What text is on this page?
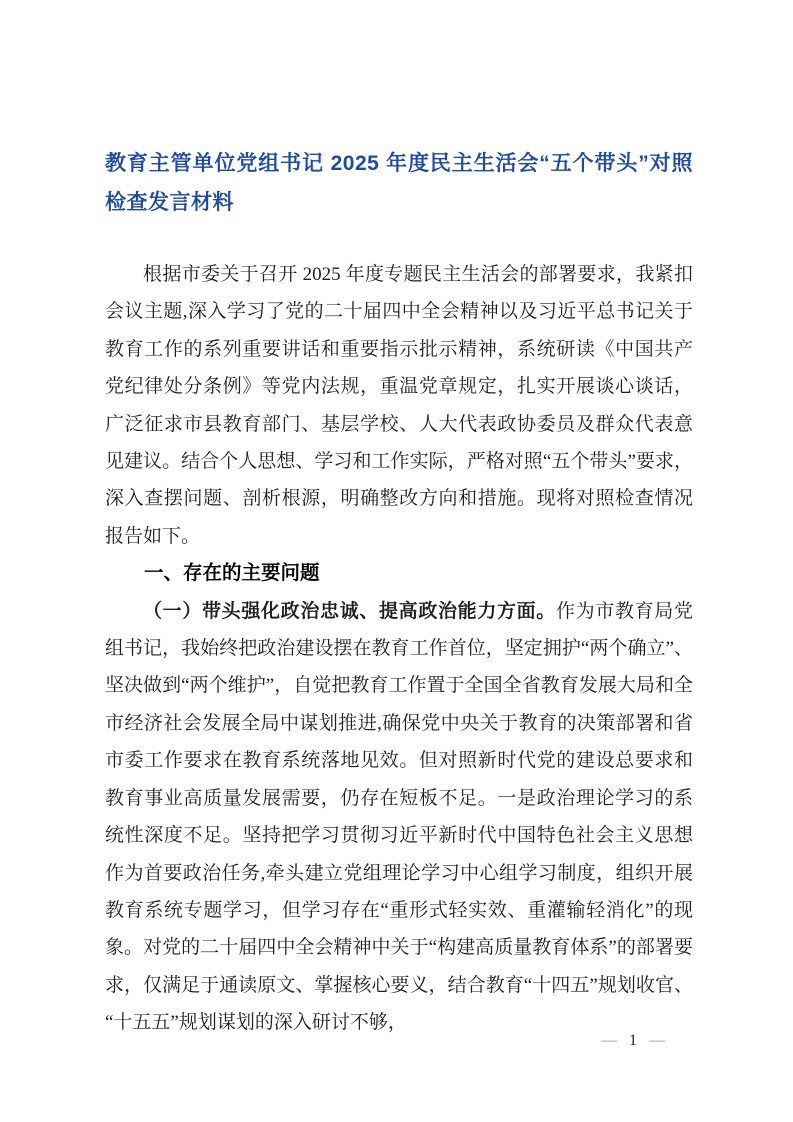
教育主管单位党组书记 2025 年度民主生活会“五个带头”对照检查发言材料

根据市委关于召开 2025 年度专题民主生活会的部署要求，我紧扣会议主题,深入学习了党的二十届四中全会精神以及习近平总书记关于教育工作的系列重要讲话和重要指示批示精神，系统研读《中国共产党纪律处分条例》等党内法规，重温党章规定，扎实开展谈心谈话，广泛征求市县教育部门、基层学校、人大代表政协委员及群众代表意见建议。结合个人思想、学习和工作实际，严格对照“五个带头”要求，深入查摆问题、剖析根源，明确整改方向和措施。现将对照检查情况报告如下。

一、存在的主要问题

（一）带头强化政治忠诚、提高政治能力方面。作为市教育局党组书记，我始终把政治建设摆在教育工作首位，坚定拥护“两个确立”、坚决做到“两个维护”，自觉把教育工作置于全国全省教育发展大局和全市经济社会发展全局中谋划推进,确保党中央关于教育的决策部署和省市委工作要求在教育系统落地见效。但对照新时代党的建设总要求和教育事业高质量发展需要，仍存在短板不足。一是政治理论学习的系统性深度不足。坚持把学习贯彻习近平新时代中国特色社会主义思想作为首要政治任务,牵头建立党组理论学习中心组学习制度，组织开展教育系统专题学习，但学习存在“重形式轻实效、重灌输轻消化”的现象。对党的二十届四中全会精神中关于“构建高质量教育体系”的部署要求，仅满足于通读原文、掌握核心要义，结合教育“十四五”规划收官、“十五五”规划谋划的深入研讨不够，

— 1 —
